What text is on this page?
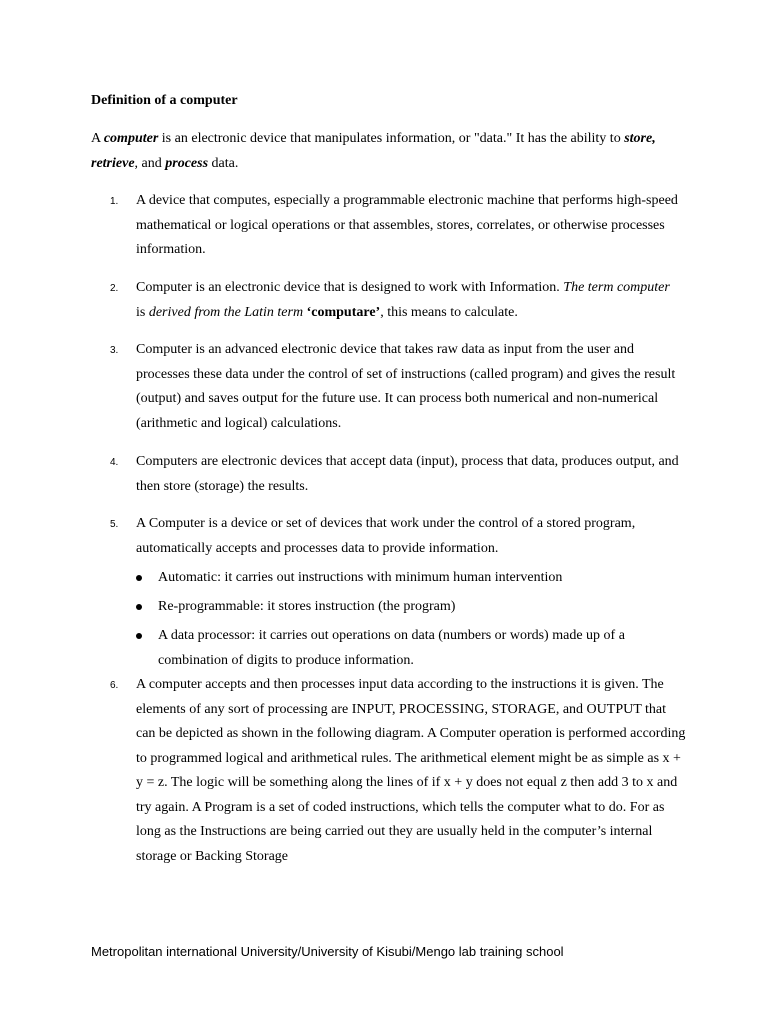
Definition of a computer

A computer is an electronic device that manipulates information, or "data." It has the ability to store, retrieve, and process data.

1. A device that computes, especially a programmable electronic machine that performs high-speed mathematical or logical operations or that assembles, stores, correlates, or otherwise processes information.
2. Computer is an electronic device that is designed to work with Information. The term computer
is derived from the Latin term ‘computare’, this means to calculate.
3. Computer is an advanced electronic device that takes raw data as input from the user and processes these data under the control of set of instructions (called program) and gives the result (output) and saves output for the future use. It can process both numerical and non-numerical (arithmetic and logical) calculations.
4. Computers are electronic devices that accept data (input), process that data, produces output, and then store (storage) the results.
5. A Computer is a device or set of devices that work under the control of a stored program, automatically accepts and processes data to provide information.
Automatic: it carries out instructions with minimum human intervention
Re-programmable: it stores instruction (the program)
A data processor: it carries out operations on data (numbers or words) made up of a combination of digits to produce information.
6. A computer accepts and then processes input data according to the instructions it is given. The elements of any sort of processing are INPUT, PROCESSING, STORAGE, and OUTPUT that can be depicted as shown in the following diagram. A Computer operation is performed according to programmed logical and arithmetical rules. The arithmetical element might be as simple as x + y = z. The logic will be something along the lines of if x + y does not equal z then add 3 to x and try again. A Program is a set of coded instructions, which tells the computer what to do. For as long as the Instructions are being carried out they are usually held in the computer’s internal storage or Backing Storage
Metropolitan international University/University of Kisubi/Mengo lab training school
